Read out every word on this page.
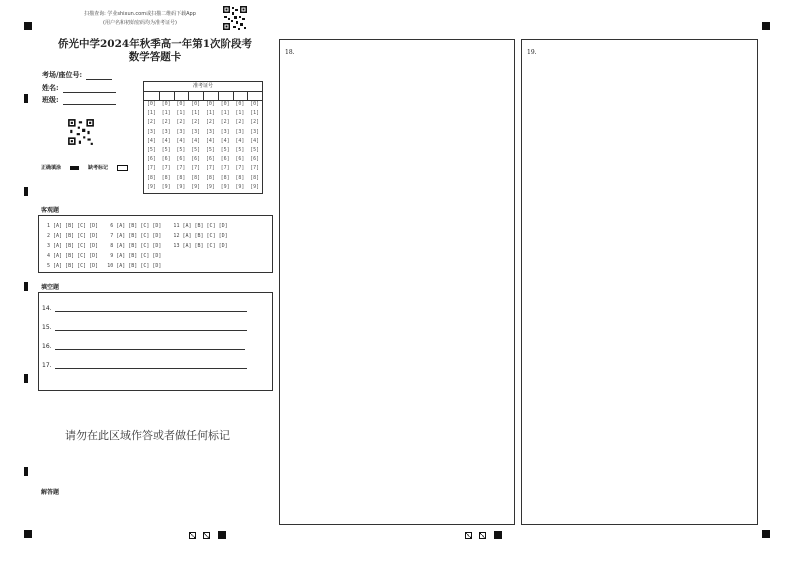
扫描查询: 学业shixun.com或扫描二维码下载App
(用户名和初始密码均为准考证号)
侨光中学2024年秋季高一年第1次阶段考
数学答题卡
考场/座位号:
姓名:
班级:
正确填涂	缺考标记
准考证号
[0]
[1]
[2]
[3]
[4]
[5]
[6]
[7]
[8]
[9]
[0]
[1]
[2]
[3]
[4]
[5]
[6]
[7]
[8]
[9]
[0]
[1]
[2]
[3]
[4]
[5]
[6]
[7]
[8]
[9]
[0]
[1]
[2]
[3]
[4]
[5]
[6]
[7]
[8]
[9]
[0]
[1]
[2]
[3]
[4]
[5]
[6]
[7]
[8]
[9]
[0]
[1]
[2]
[3]
[4]
[5]
[6]
[7]
[8]
[9]
[0]
[1]
[2]
[3]
[4]
[5]
[6]
[7]
[8]
[9]
[0]
[1]
[2]
[3]
[4]
[5]
[6]
[7]
[8]
[9]
客观题
1 [A] [B] [C] [D]    6 [A] [B] [C] [D]    11 [A] [B] [C] [D]
2 [A] [B] [C] [D]    7 [A] [B] [C] [D]    12 [A] [B] [C] [D]
3 [A] [B] [C] [D]    8 [A] [B] [C] [D]    13 [A] [B] [C] [D]
4 [A] [B] [C] [D]    9 [A] [B] [C] [D]
5 [A] [B] [C] [D]   10 [A] [B] [C] [D]
填空题
14.
15.
16.
17.
请勿在此区域作答或者做任何标记
解答题
18.	19.
